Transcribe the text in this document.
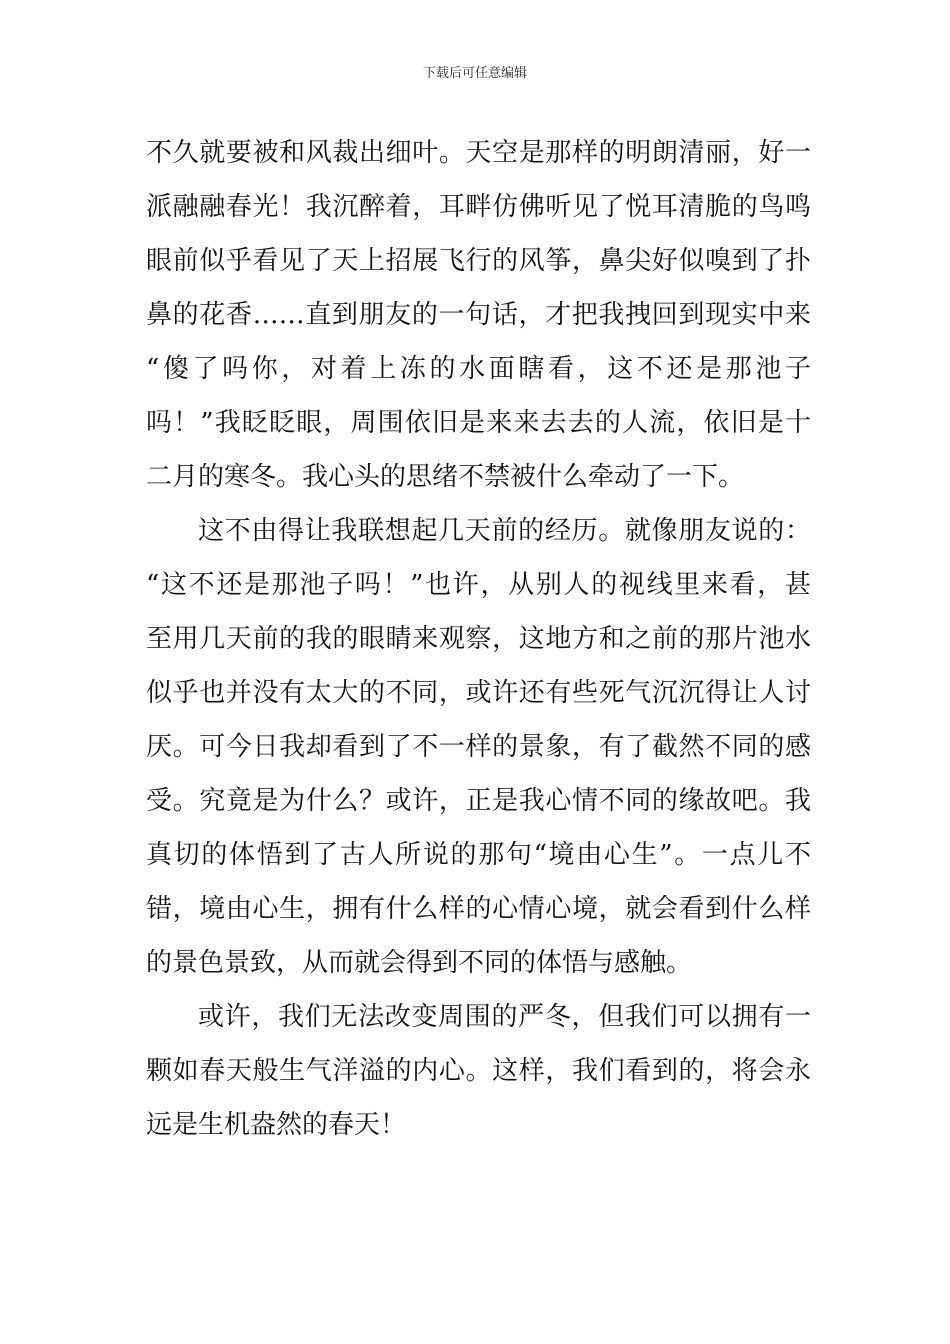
下载后可任意编辑
不久就要被和风裁出细叶。天空是那样的明朗清丽，好一
派融融春光！我沉醉着，耳畔仿佛听见了悦耳清脆的鸟鸣
眼前似乎看见了天上招展飞行的风筝，鼻尖好似嗅到了扑
鼻的花香……直到朋友的一句话，才把我拽回到现实中来
“傻了吗你，对着上冻的水面瞎看，这不还是那池子
吗！”我眨眨眼，周围依旧是来来去去的人流，依旧是十
二月的寒冬。我心头的思绪不禁被什么牵动了一下。
这不由得让我联想起几天前的经历。就像朋友说的：
“这不还是那池子吗！”也许，从别人的视线里来看，甚
至用几天前的我的眼睛来观察，这地方和之前的那片池水
似乎也并没有太大的不同，或许还有些死气沉沉得让人讨
厌。可今日我却看到了不一样的景象，有了截然不同的感
受。究竟是为什么？或许，正是我心情不同的缘故吧。我
真切的体悟到了古人所说的那句“境由心生”。一点儿不
错，境由心生，拥有什么样的心情心境，就会看到什么样
的景色景致，从而就会得到不同的体悟与感触。
或许，我们无法改变周围的严冬，但我们可以拥有一
颗如春天般生气洋溢的内心。这样，我们看到的，将会永
远是生机盎然的春天！
